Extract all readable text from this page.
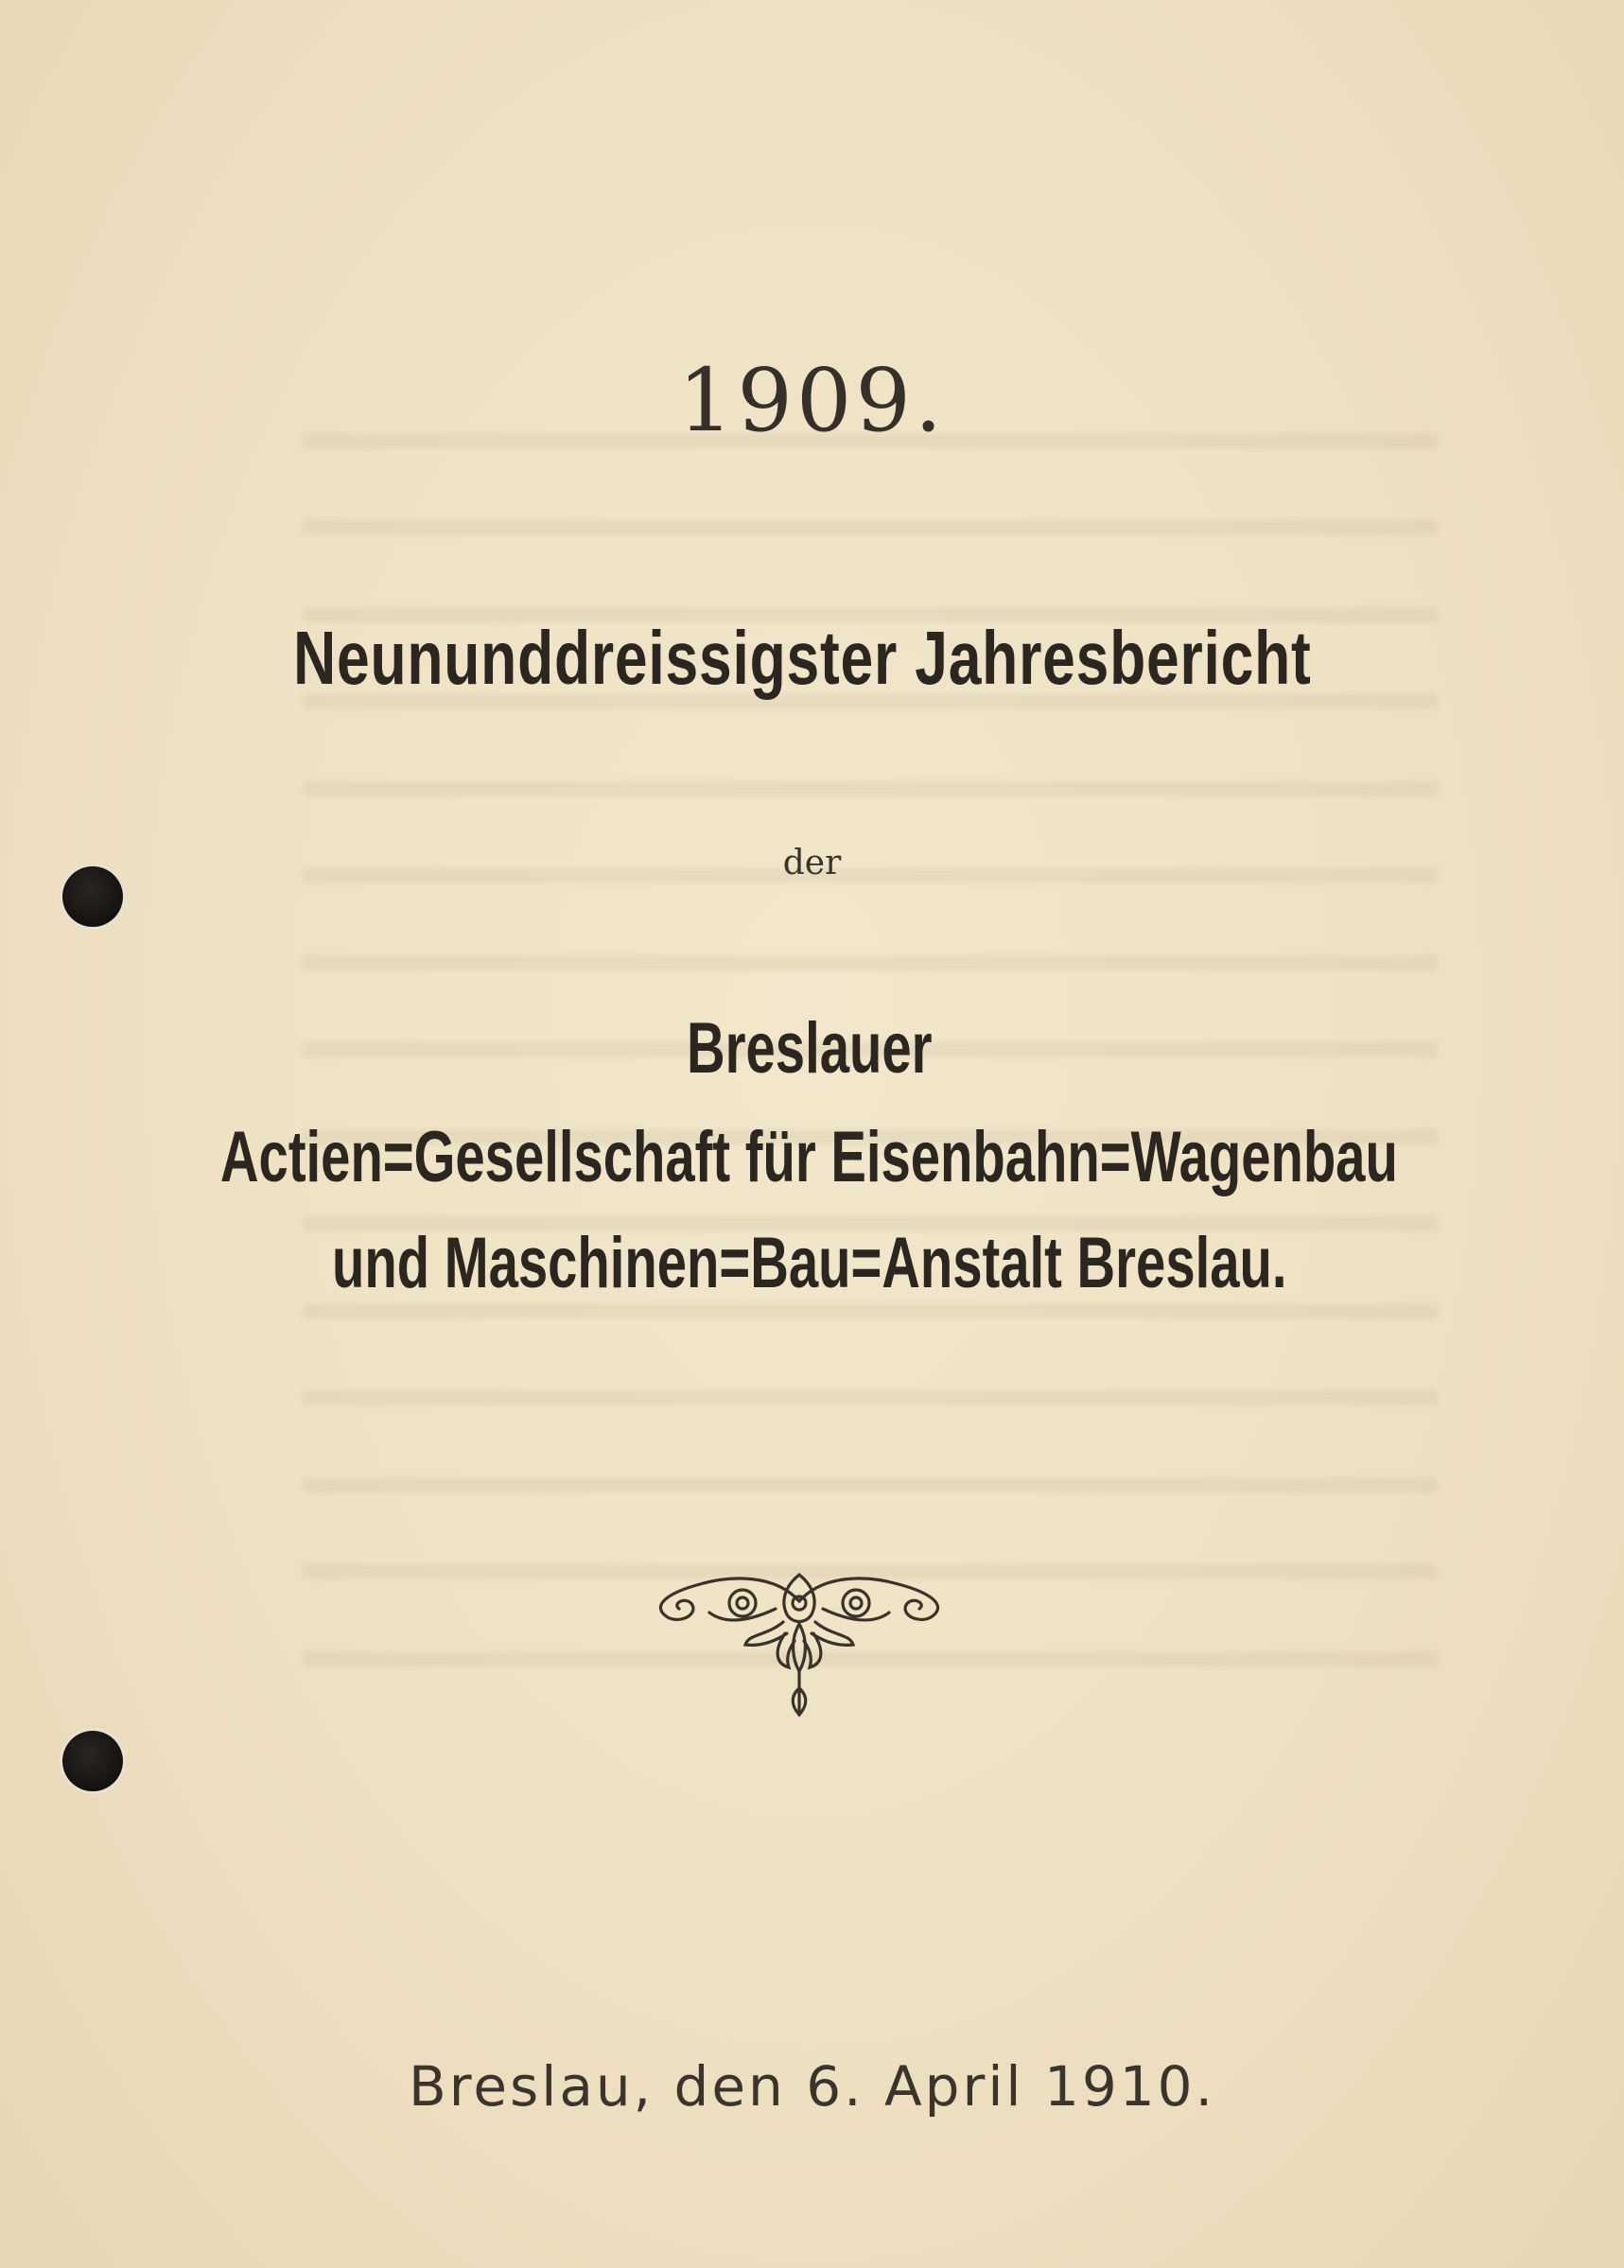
1909.
Neununddreissigster Jahresbericht
der
Breslauer
Actien=Gesellschaft für Eisenbahn=Wagenbau
und Maschinen=Bau=Anstalt Breslau.
Breslau, den 6. April 1910.
